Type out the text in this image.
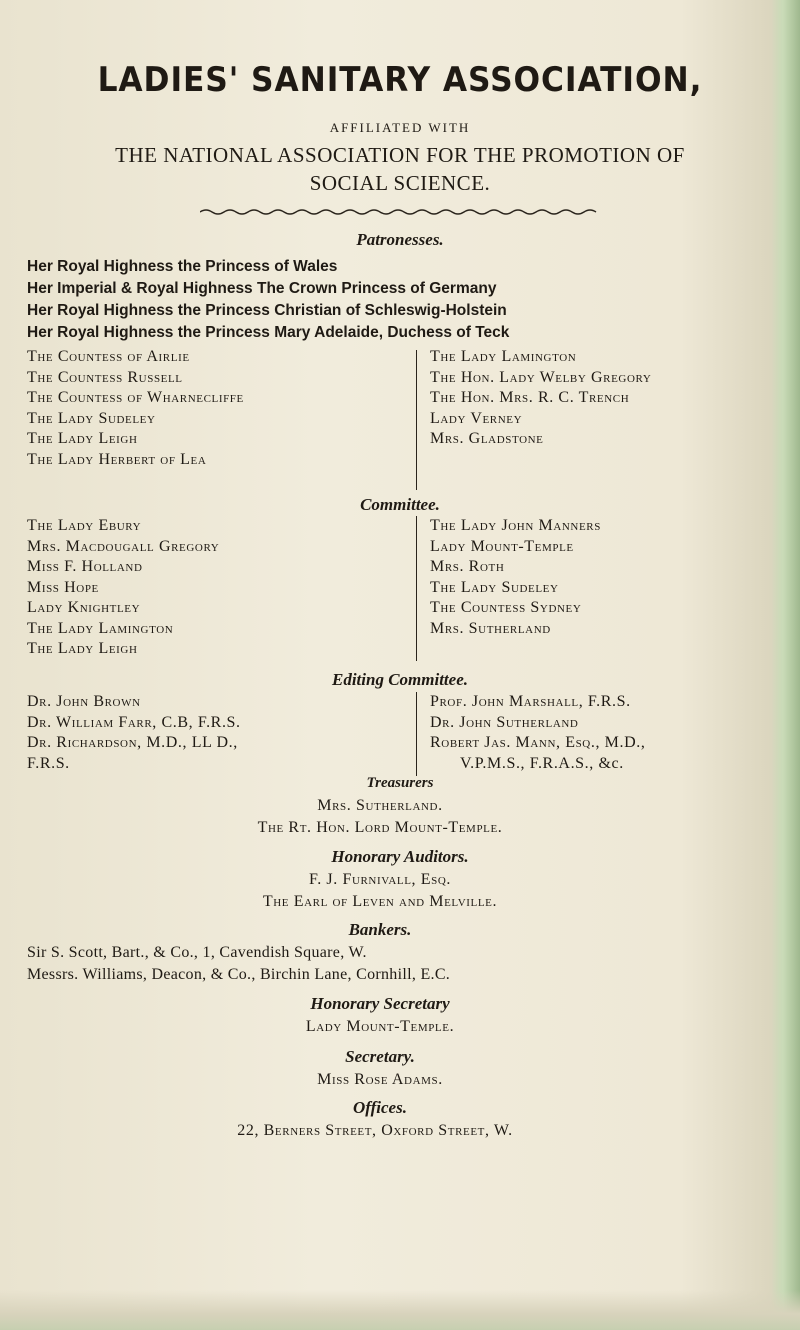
LADIES' SANITARY ASSOCIATION,
AFFILIATED WITH
THE NATIONAL ASSOCIATION FOR THE PROMOTION OF
SOCIAL SCIENCE.
Patronesses.
Her Royal Highness the Princess of Wales
Her Imperial & Royal Highness The Crown Princess of Germany
Her Royal Highness the Princess Christian of Schleswig-Holstein
Her Royal Highness the Princess Mary Adelaide, Duchess of Teck
The Countess of Airlie
The Countess Russell
The Countess of Wharnecliffe
The Lady Sudeley
The Lady Leigh
The Lady Herbert of Lea
The Lady Lamington
The Hon. Lady Welby Gregory
The Hon. Mrs. R. C. Trench
Lady Verney
Mrs. Gladstone
Committee.
The Lady Ebury
Mrs. Macdougall Gregory
Miss F. Holland
Miss Hope
Lady Knightley
The Lady Lamington
The Lady Leigh
The Lady John Manners
Lady Mount-Temple
Mrs. Roth
The Lady Sudeley
The Countess Sydney
Mrs. Sutherland
Editing Committee.
Dr. John Brown
Dr. William Farr, C.B, F.R.S.
Dr. Richardson, M.D., LL D.,
F.R.S.
Prof. John Marshall, F.R.S.
Dr. John Sutherland
Robert Jas. Mann, Esq., M.D.,
V.P.M.S., F.R.A.S., &c.
Treasurers
Mrs. Sutherland.
The Rt. Hon. Lord Mount-Temple.
Honorary Auditors.
F. J. Furnivall, Esq.
The Earl of Leven and Melville.
Bankers.
Sir S. Scott, Bart., & Co., 1, Cavendish Square, W.
Messrs. Williams, Deacon, & Co., Birchin Lane, Cornhill, E.C.
Honorary Secretary
Lady Mount-Temple.
Secretary.
Miss Rose Adams.
Offices.
22, Berners Street, Oxford Street, W.
